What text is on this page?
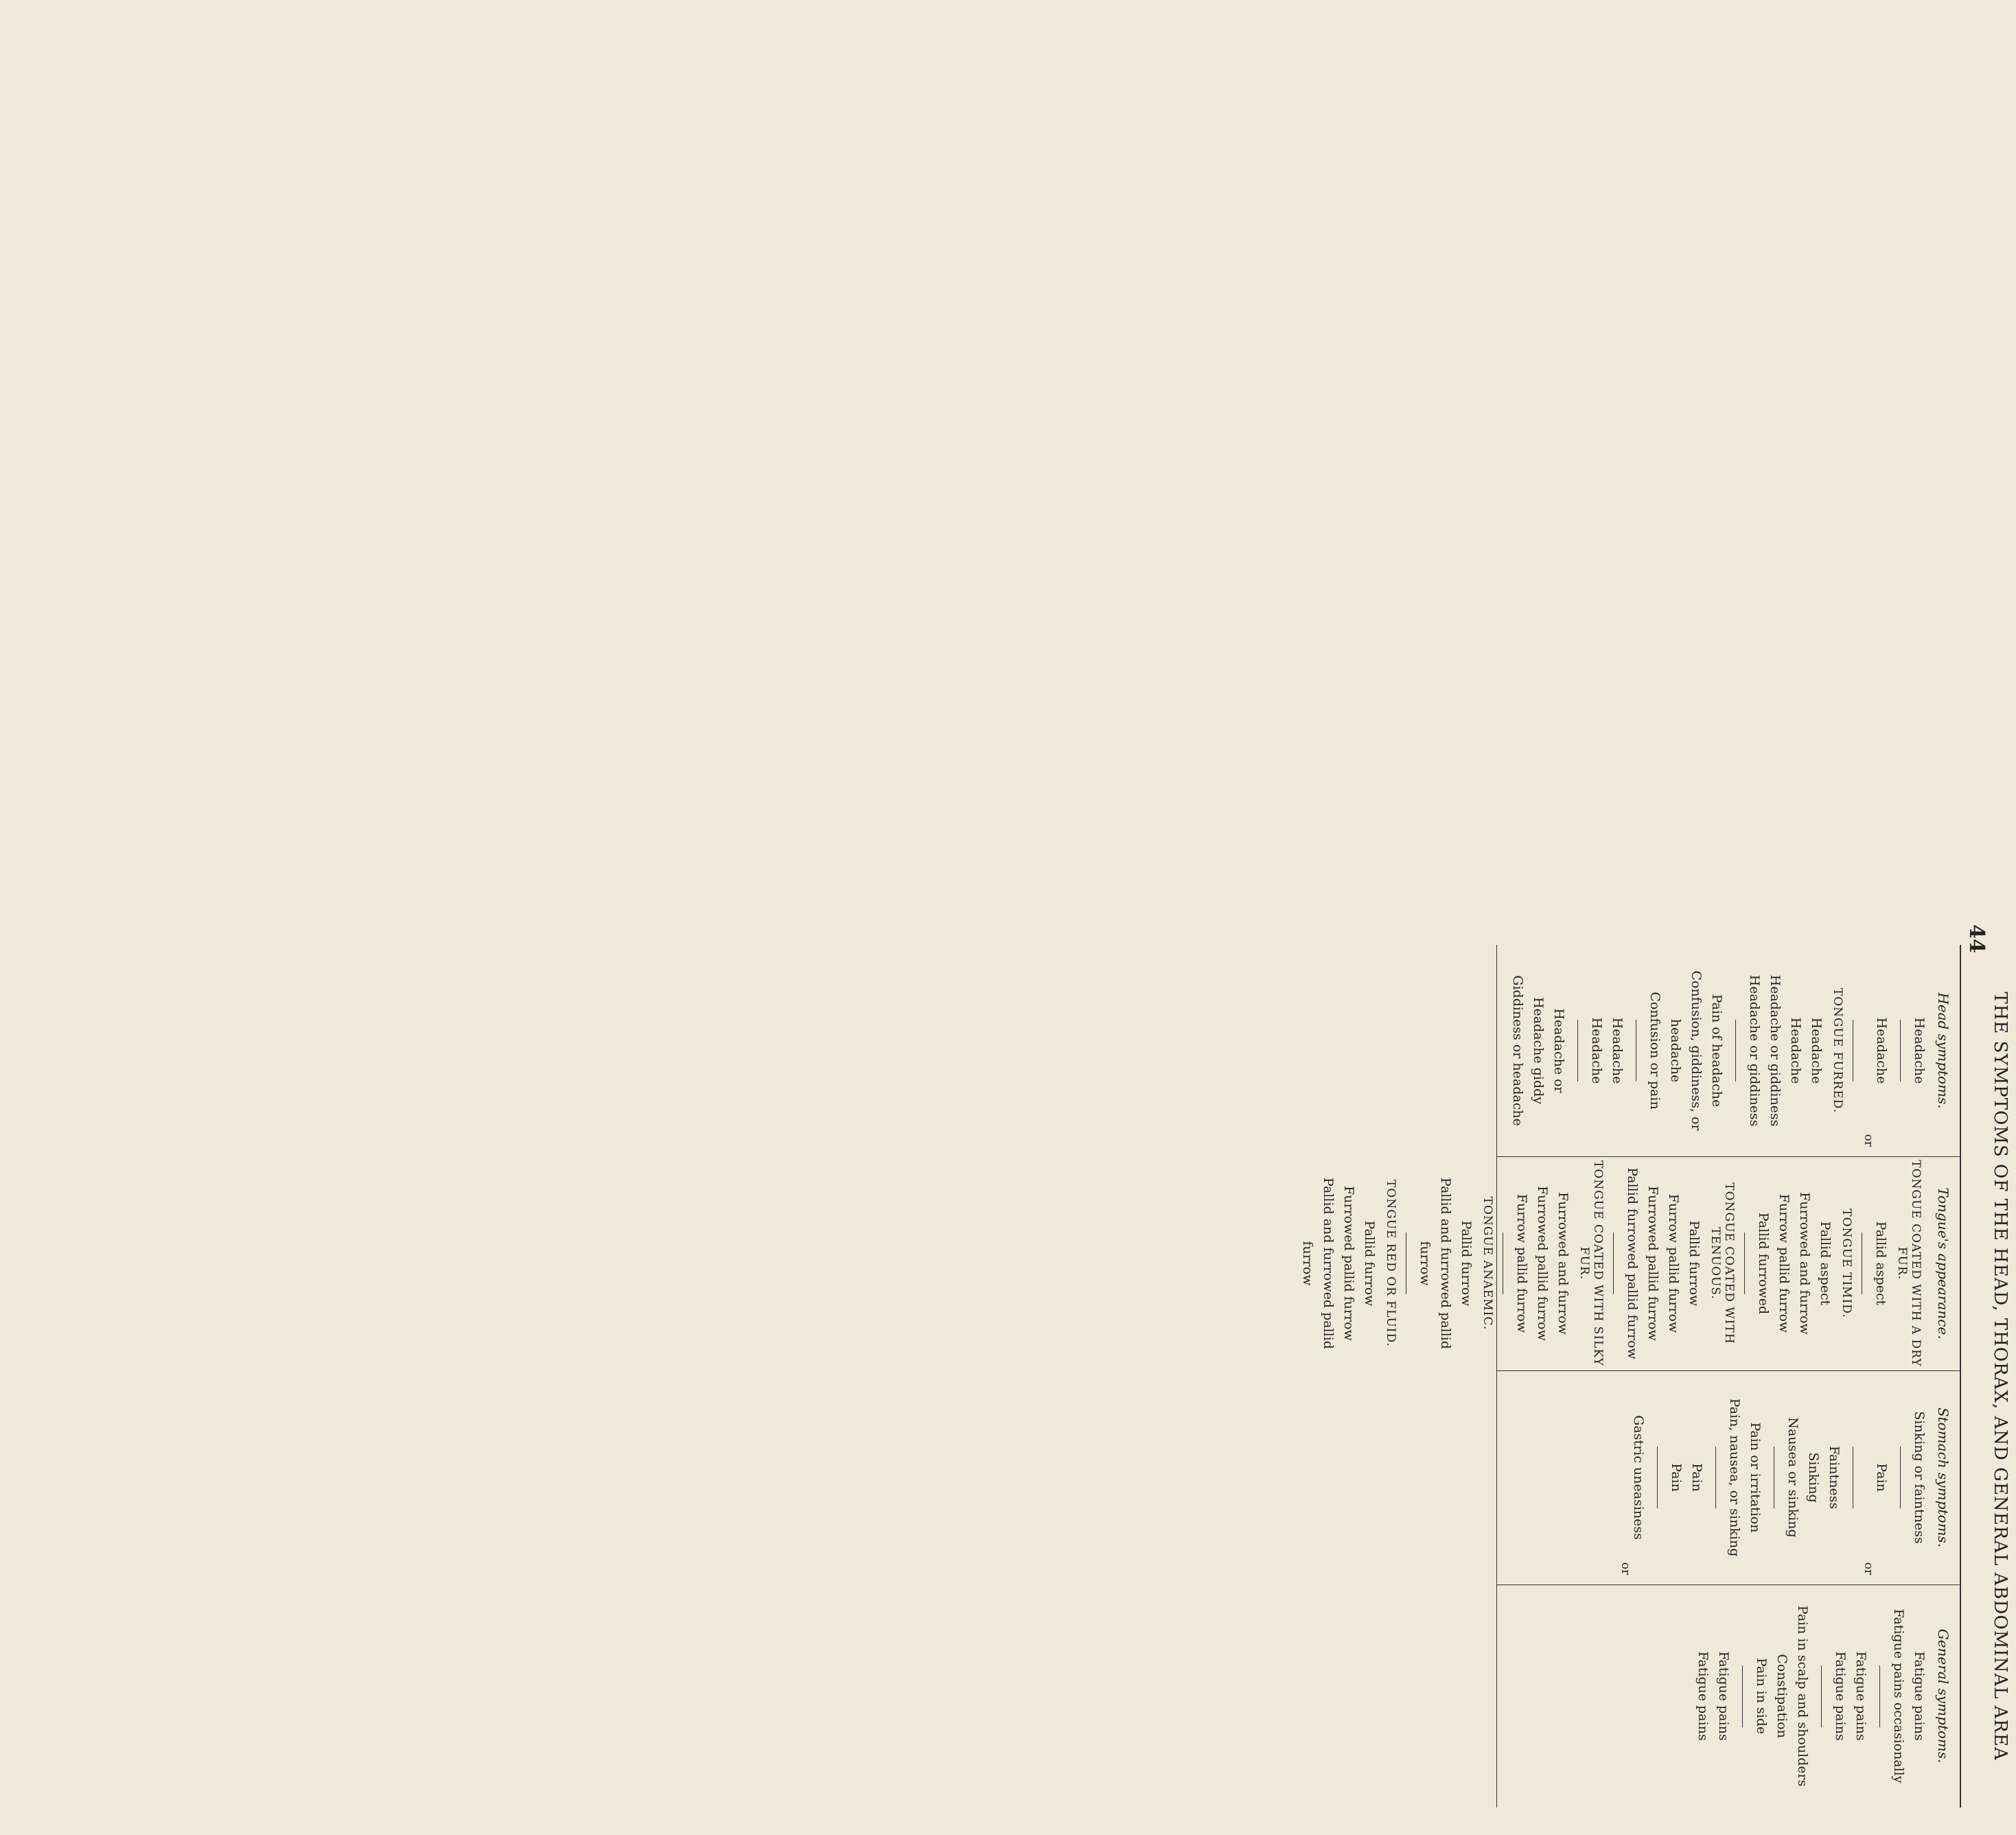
44
THE SYMPTOMS OF THE HEAD, THORAX, AND GENERAL ABDOMINAL AREA
Head symptoms.
Headache
Headache
or
TONGUE FURRED.
Headache
Headache
Headache or giddiness
Headache or giddiness
Pain of headache
Confusion, giddiness, or headache
Confusion or pain
Headache
Headache
Headache or
Headache giddy
Giddiness or headache
Tongue's appearance.
TONGUE COATED WITH A DRY FUR.
Pallid aspect
TONGUE TIMID.
Pallid aspect
Furrowed and furrow
Furrow pallid furrow
Pallid furrowed
TONGUE COATED WITH TENUOUS.
Pallid furrow
Furrow pallid furrow
Furrowed pallid furrow
Pallid furrowed pallid furrow
TONGUE COATED WITH SILKY FUR.
Furrowed and furrow
Furrowed pallid furrow
Furrow pallid furrow
TONGUE ANAEMIC.
Pallid furrow
Pallid and furrowed pallid furrow
TONGUE RED OR FLUID.
Pallid furrow
Furrowed pallid furrow
Pallid and furrowed pallid furrow
Stomach symptoms.
Sinking or faintness
Pain
or
Faintness
Sinking
Nausea or sinking
Pain or irritation
Pain, nausea, or sinking
Pain
Pain
Gastric uneasiness
or
General symptoms.
Fatigue pains
Fatigue pains occasionally
Fatigue pains
Fatigue pains
Pain in scalp and shoulders
Constipation
Pain in side
Fatigue pains
Fatigue pains
